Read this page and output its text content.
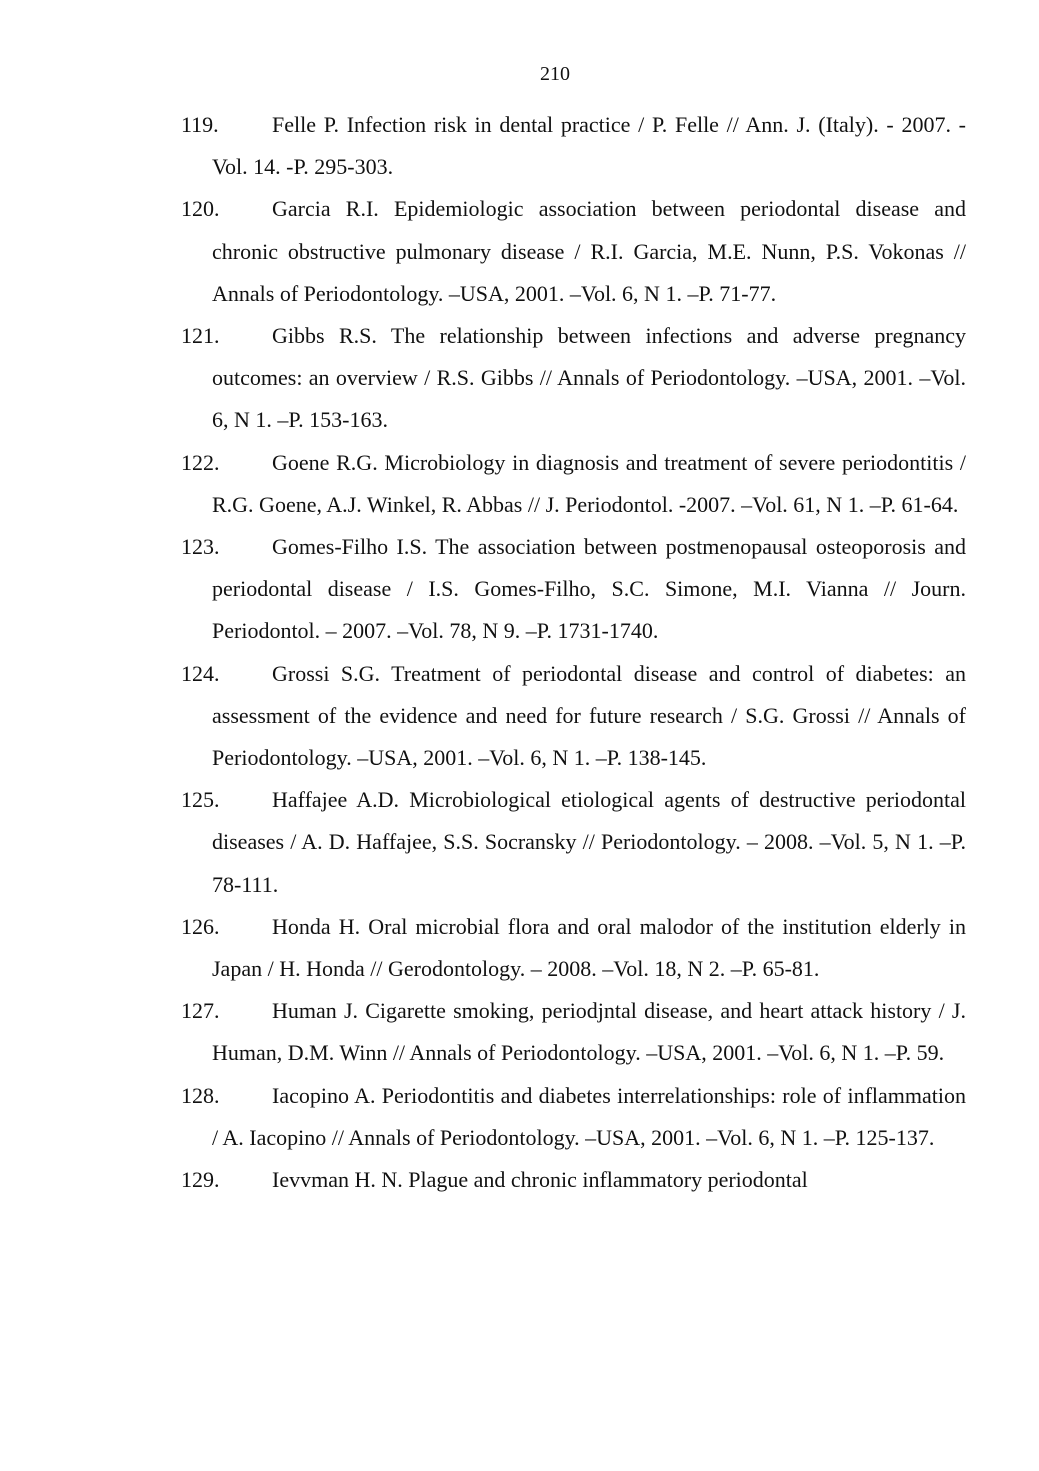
210
119. Felle P. Infection risk in dental practice / P. Felle // Ann. J. (Italy). - 2007. -Vol. 14. -P. 295-303.
120. Garcia R.I. Epidemiologic association between periodontal disease and chronic obstructive pulmonary disease / R.I. Garcia, M.E. Nunn, P.S. Vokonas // Annals of Periodontology. –USA, 2001. –Vol. 6, N 1. –P. 71-77.
121. Gibbs R.S. The relationship between infections and adverse pregnancy outcomes: an overview / R.S. Gibbs // Annals of Periodontology. –USA, 2001. –Vol. 6, N 1. –P. 153-163.
122. Goene R.G. Microbiology in diagnosis and treatment of severe periodontitis / R.G. Goene, A.J. Winkel, R. Abbas // J. Periodontol. -2007. –Vol. 61, N 1. –P. 61-64.
123. Gomes-Filho I.S. The association between postmenopausal osteoporosis and periodontal disease / I.S. Gomes-Filho, S.C. Simone, M.I. Vianna // Journ. Periodontol. – 2007. –Vol. 78, N 9. –P. 1731-1740.
124. Grossi S.G. Treatment of periodontal disease and control of diabetes: an assessment of the evidence and need for future research / S.G. Grossi // Annals of Periodontology. –USA, 2001. –Vol. 6, N 1. –P. 138-145.
125. Haffajee A.D. Microbiological etiological agents of destructive periodontal diseases / A. D. Haffajee, S.S. Socransky // Periodontology. – 2008. –Vol. 5, N 1. –P. 78-111.
126. Honda H. Oral microbial flora and oral malodor of the institution elderly in Japan / H. Honda // Gerodontology. – 2008. –Vol. 18, N 2. –P. 65-81.
127. Human J. Cigarette smoking, periodjntal disease, and heart attack history / J. Human, D.M. Winn // Annals of Periodontology. –USA, 2001. –Vol. 6, N 1. –P. 59.
128. Iacopino A. Periodontitis and diabetes interrelationships: role of inflammation / A. Iacopino // Annals of Periodontology. –USA, 2001. –Vol. 6, N 1. –P. 125-137.
129. Ievvman H. N. Plague and chronic inflammatory periodontal
